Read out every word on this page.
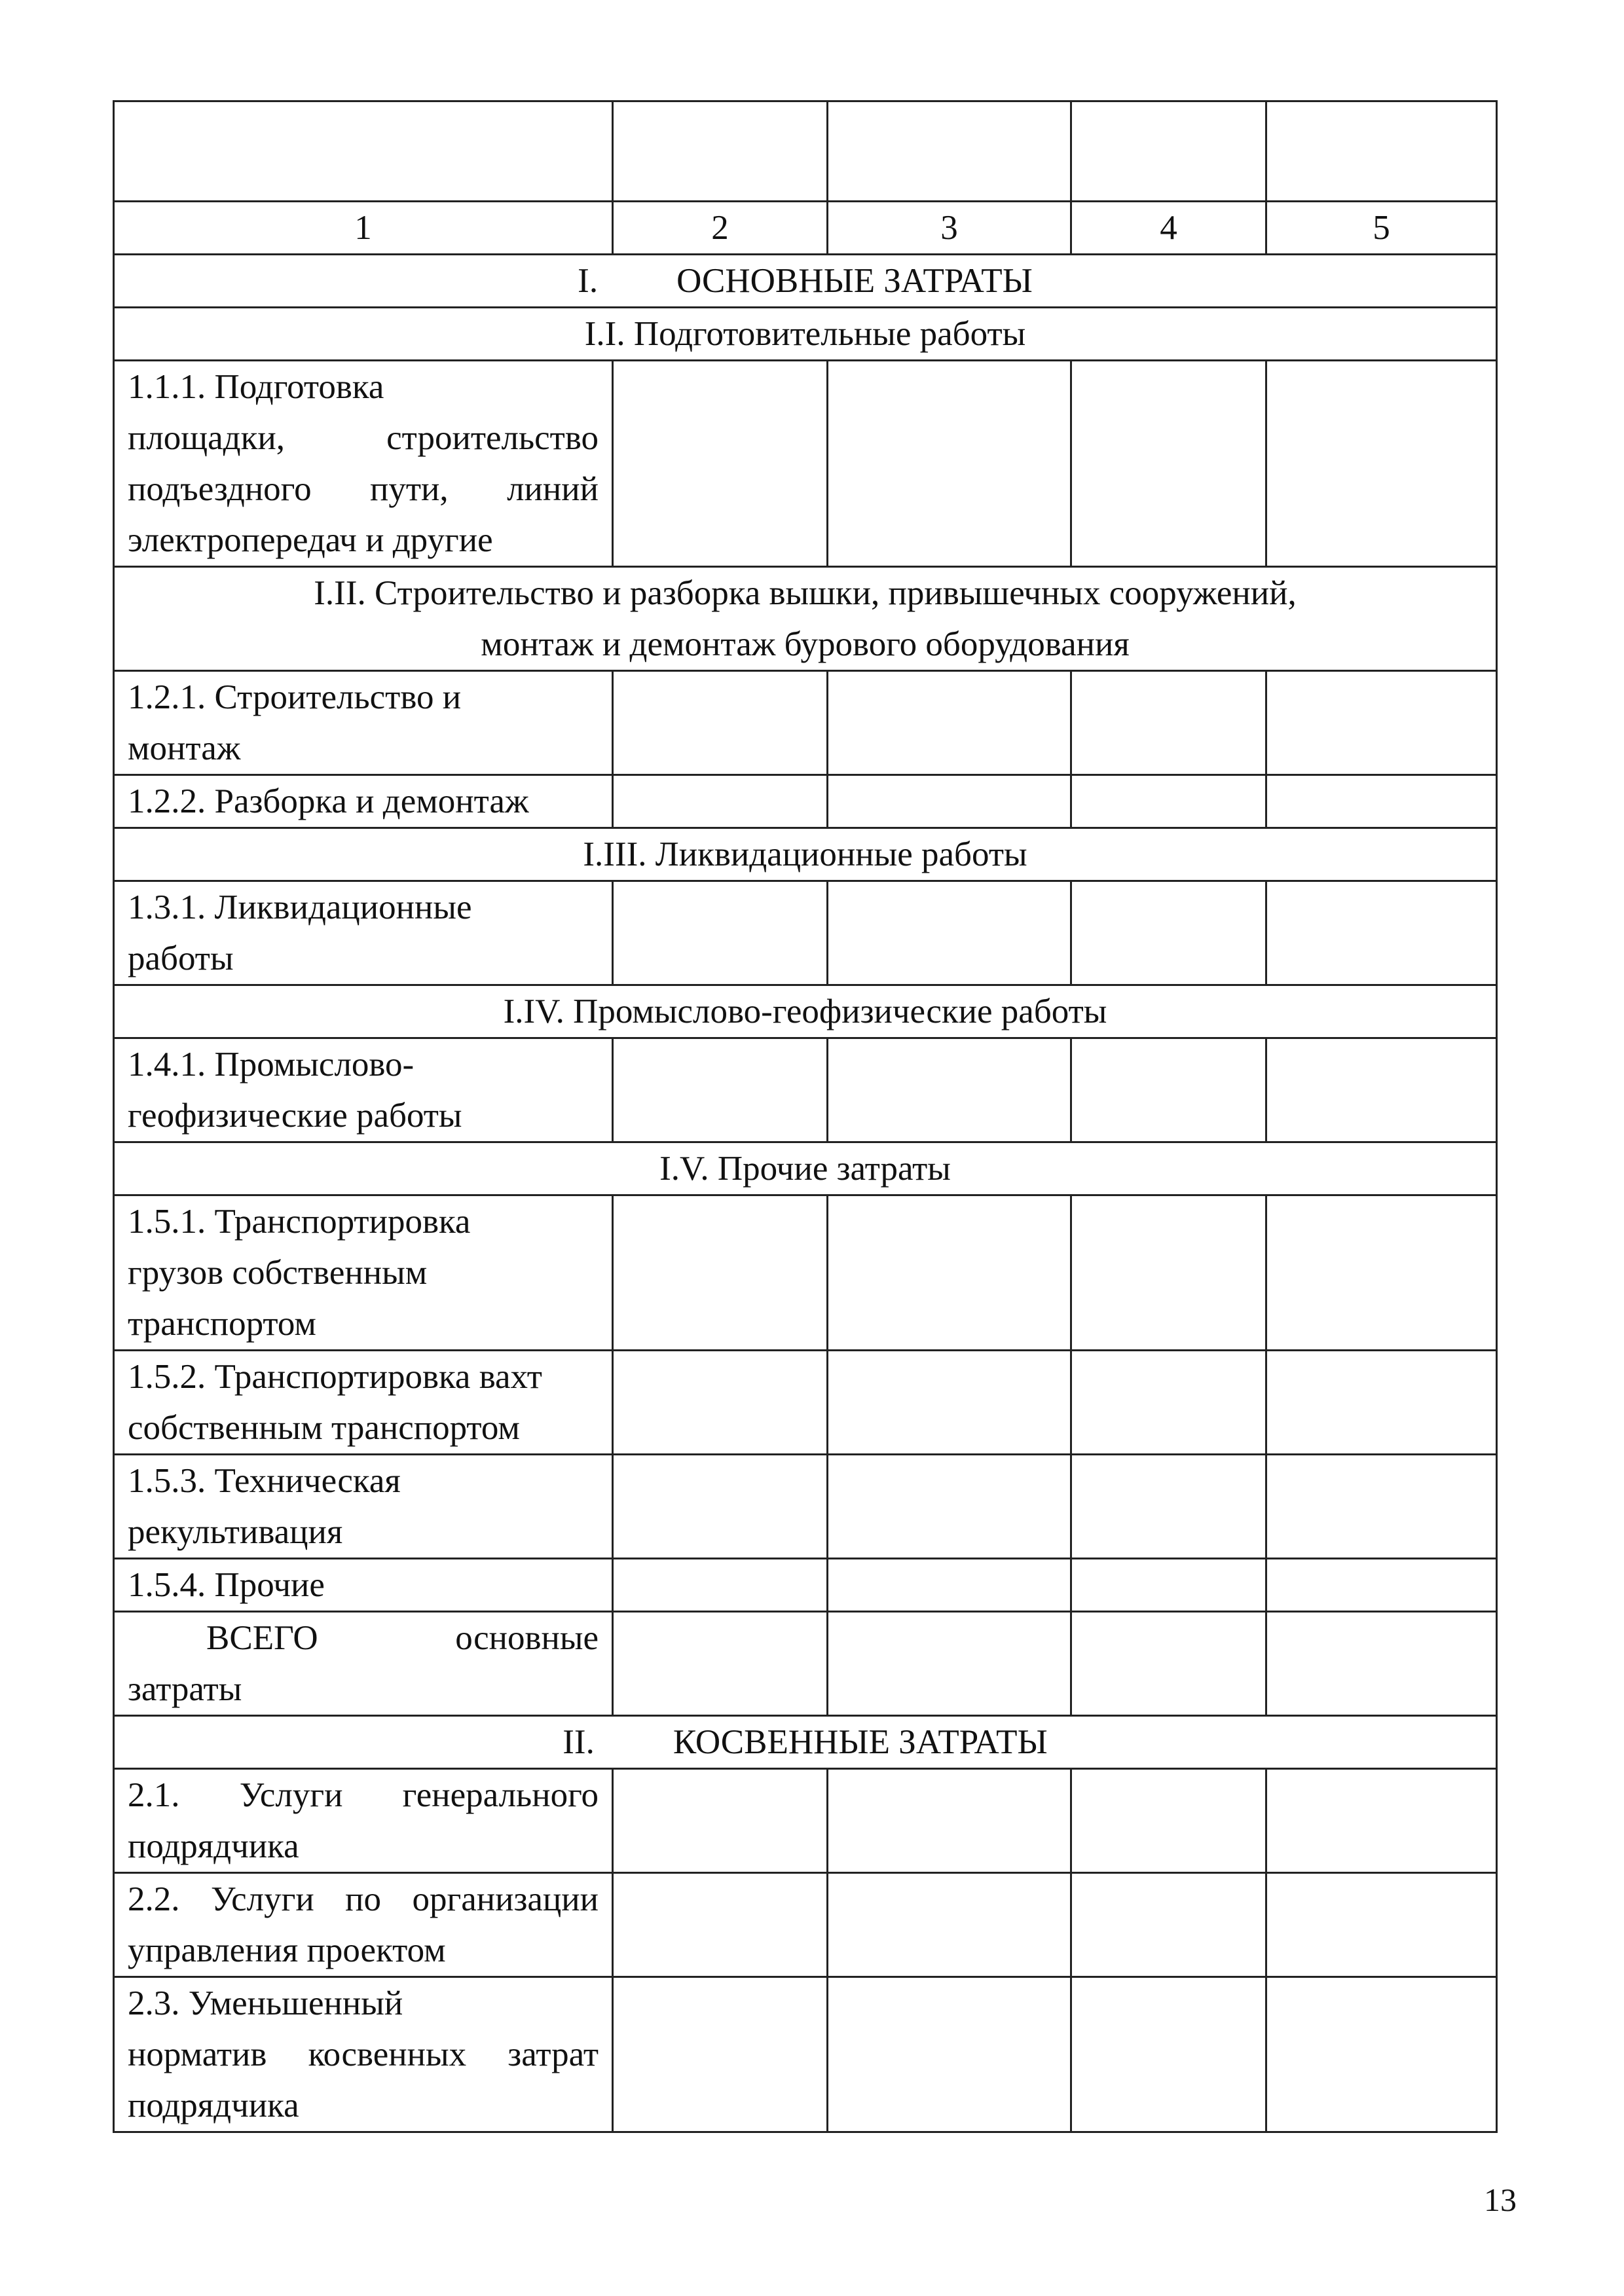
1	2	3	4	5
I. ОСНОВНЫЕ ЗАТРАТЫ				
I.I. Подготовительные работы				

1.1.1. Подготовка
площадки, строительство
подъездного пути, линий
электропередач и другие				

I.II. Строительство и разборка вышки, привышечных сооружений,
монтаж и демонтаж бурового оборудования				

1.2.1. Строительство и
монтаж				

1.2.2. Разборка и демонтаж				
I.III. Ликвидационные работы				

1.3.1. Ликвидационные
работы				

I.IV. Промыслово-геофизические работы				

1.4.1. Промыслово-
геофизические работы				

I.V. Прочие затраты				

1.5.1. Транспортировка
грузов собственным
транспортом				

1.5.2. Транспортировка вахт
собственным транспортом				

1.5.3. Техническая
рекультивация				

1.5.4. Прочие				

ВСЕГО основные
затраты				

II. КОСВЕННЫЕ ЗАТРАТЫ				

2.1. Услуги генерального
подрядчика				

2.2. Услуги по организации
управления проектом				

2.3. Уменьшенный
норматив косвенных затрат
подрядчика				

13
